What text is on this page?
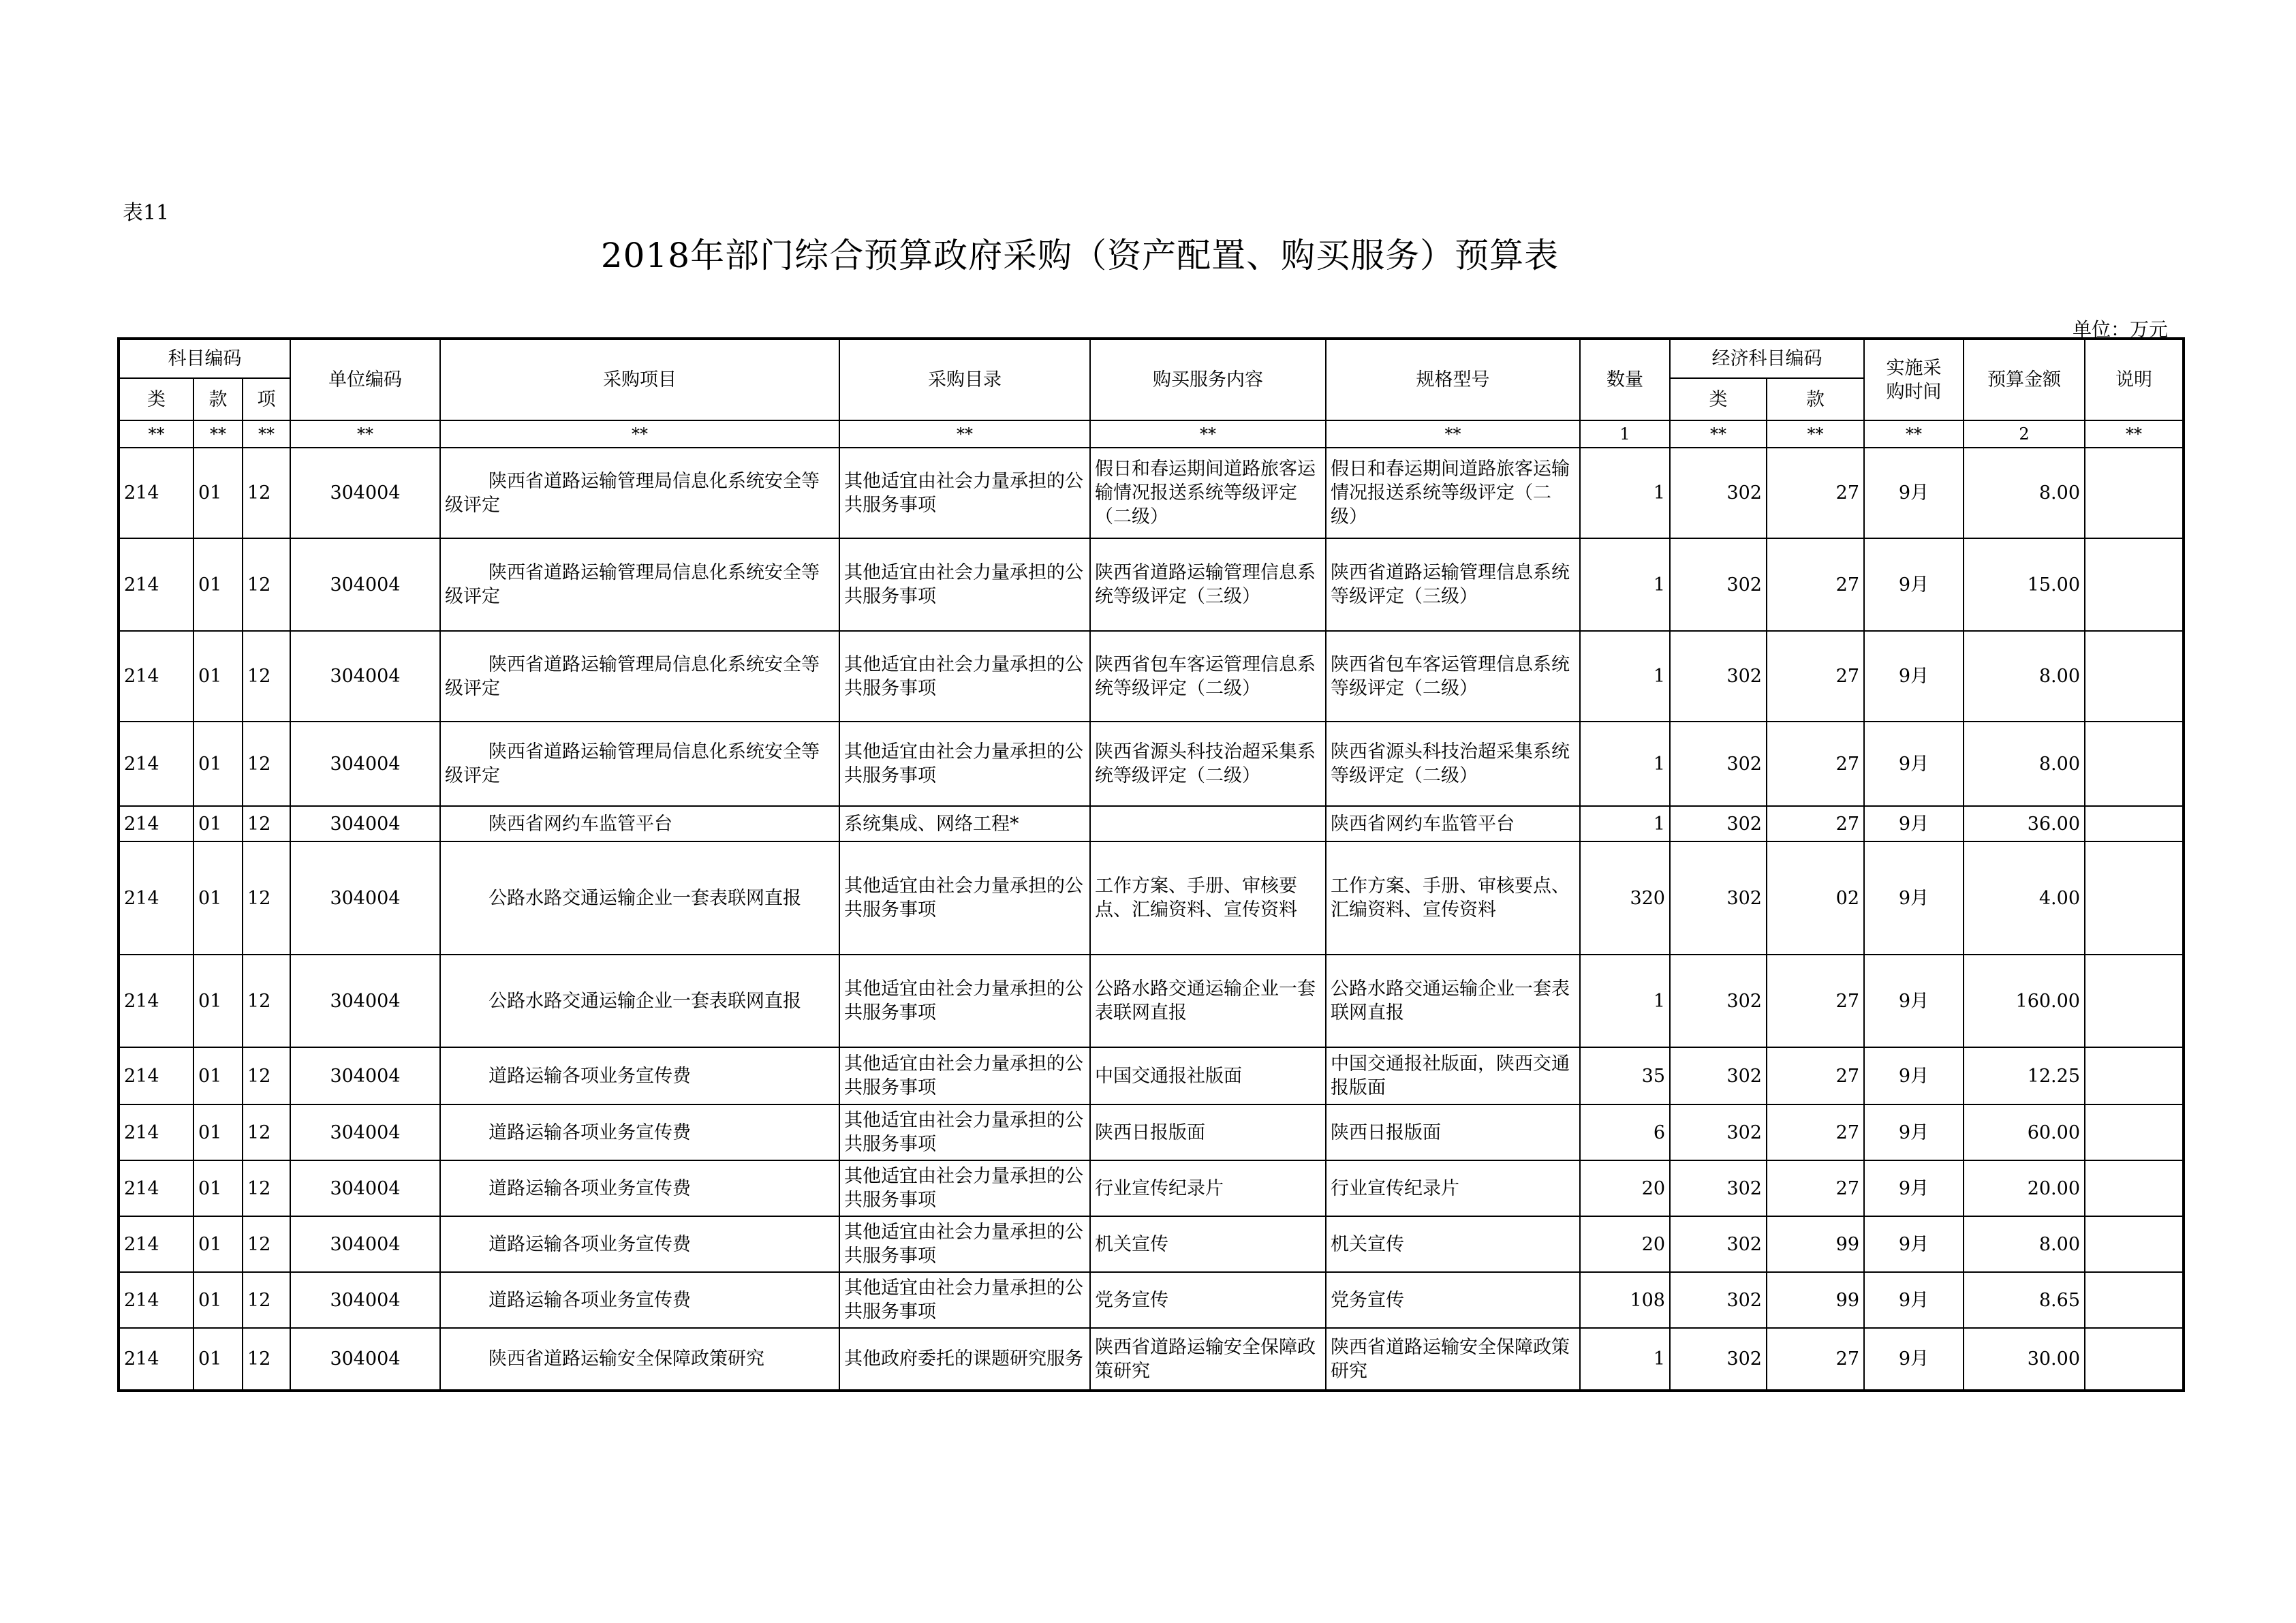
表11
2018年部门综合预算政府采购（资产配置、购买服务）预算表
单位：万元
科目编码			单位编码	采购项目	采购目录	购买服务内容	规格型号	数量	经济科目编码		实施采购时间	预算金额	说明
类	款	项							类	款			
**	**	**	**	**	**	**	**	1	**	**	**	2	**
214	01	12	304004	陕西省道路运输管理局信息化系统安全等级评定	其他适宜由社会力量承担的公共服务事项	假日和春运期间道路旅客运输情况报送系统等级评定（二级）	假日和春运期间道路旅客运输情况报送系统等级评定（二级）	1	302	27	9月	8.00	
214	01	12	304004	陕西省道路运输管理局信息化系统安全等级评定	其他适宜由社会力量承担的公共服务事项	陕西省道路运输管理信息系统等级评定（三级）	陕西省道路运输管理信息系统等级评定（三级）	1	302	27	9月	15.00	
214	01	12	304004	陕西省道路运输管理局信息化系统安全等级评定	其他适宜由社会力量承担的公共服务事项	陕西省包车客运管理信息系统等级评定（二级）	陕西省包车客运管理信息系统等级评定（二级）	1	302	27	9月	8.00	
214	01	12	304004	陕西省道路运输管理局信息化系统安全等级评定	其他适宜由社会力量承担的公共服务事项	陕西省源头科技治超采集系统等级评定（二级）	陕西省源头科技治超采集系统等级评定（二级）	1	302	27	9月	8.00	
214	01	12	304004	陕西省网约车监管平台	系统集成、网络工程*		陕西省网约车监管平台	1	302	27	9月	36.00	
214	01	12	304004	公路水路交通运输企业一套表联网直报	其他适宜由社会力量承担的公共服务事项	工作方案、手册、审核要点、汇编资料、宣传资料	工作方案、手册、审核要点、汇编资料、宣传资料	320	302	02	9月	4.00	
214	01	12	304004	公路水路交通运输企业一套表联网直报	其他适宜由社会力量承担的公共服务事项	公路水路交通运输企业一套表联网直报	公路水路交通运输企业一套表联网直报	1	302	27	9月	160.00	
214	01	12	304004	道路运输各项业务宣传费	其他适宜由社会力量承担的公共服务事项	中国交通报社版面	中国交通报社版面，陕西交通报版面	35	302	27	9月	12.25	
214	01	12	304004	道路运输各项业务宣传费	其他适宜由社会力量承担的公共服务事项	陕西日报版面	陕西日报版面	6	302	27	9月	60.00	
214	01	12	304004	道路运输各项业务宣传费	其他适宜由社会力量承担的公共服务事项	行业宣传纪录片	行业宣传纪录片	20	302	27	9月	20.00	
214	01	12	304004	道路运输各项业务宣传费	其他适宜由社会力量承担的公共服务事项	机关宣传	机关宣传	20	302	99	9月	8.00	
214	01	12	304004	道路运输各项业务宣传费	其他适宜由社会力量承担的公共服务事项	党务宣传	党务宣传	108	302	99	9月	8.65	
214	01	12	304004	陕西省道路运输安全保障政策研究	其他政府委托的课题研究服务	陕西省道路运输安全保障政策研究	陕西省道路运输安全保障政策研究	1	302	27	9月	30.00	
